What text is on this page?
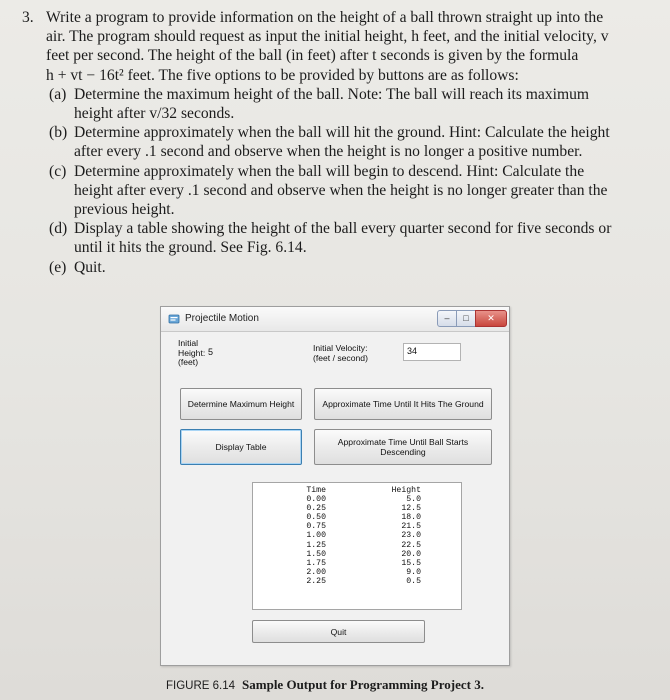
3. Write a program to provide information on the height of a ball thrown straight up into the
air. The program should request as input the initial height, h feet, and the initial velocity, v
feet per second. The height of the ball (in feet) after t seconds is given by the formula
h + vt − 16t² feet. The five options to be provided by buttons are as follows:
(a) Determine the maximum height of the ball. Note: The ball will reach its maximum
height after v/32 seconds.
(b) Determine approximately when the ball will hit the ground. Hint: Calculate the height
after every .1 second and observe when the height is no longer a positive number.
(c) Determine approximately when the ball will begin to descend. Hint: Calculate the
height after every .1 second and observe when the height is no longer greater than the
previous height.
(d) Display a table showing the height of the ball every quarter second for five seconds or
until it hits the ground. See Fig. 6.14.
(e) Quit.
Projectile Motion	–	□	✕
Initial
Height:
(feet)
5	Initial Velocity:
(feet / second)
34
Determine Maximum Height	Approximate Time Until It Hits The Ground
Display Table	Approximate Time Until Ball Starts
Descending
Time	Height
0.00	5.0
0.25	12.5
0.50	18.0
0.75	21.5
1.00	23.0
1.25	22.5
1.50	20.0
1.75	15.5
2.00	9.0
2.25	0.5
Quit
FIGURE 6.14 Sample Output for Programming Project 3.
